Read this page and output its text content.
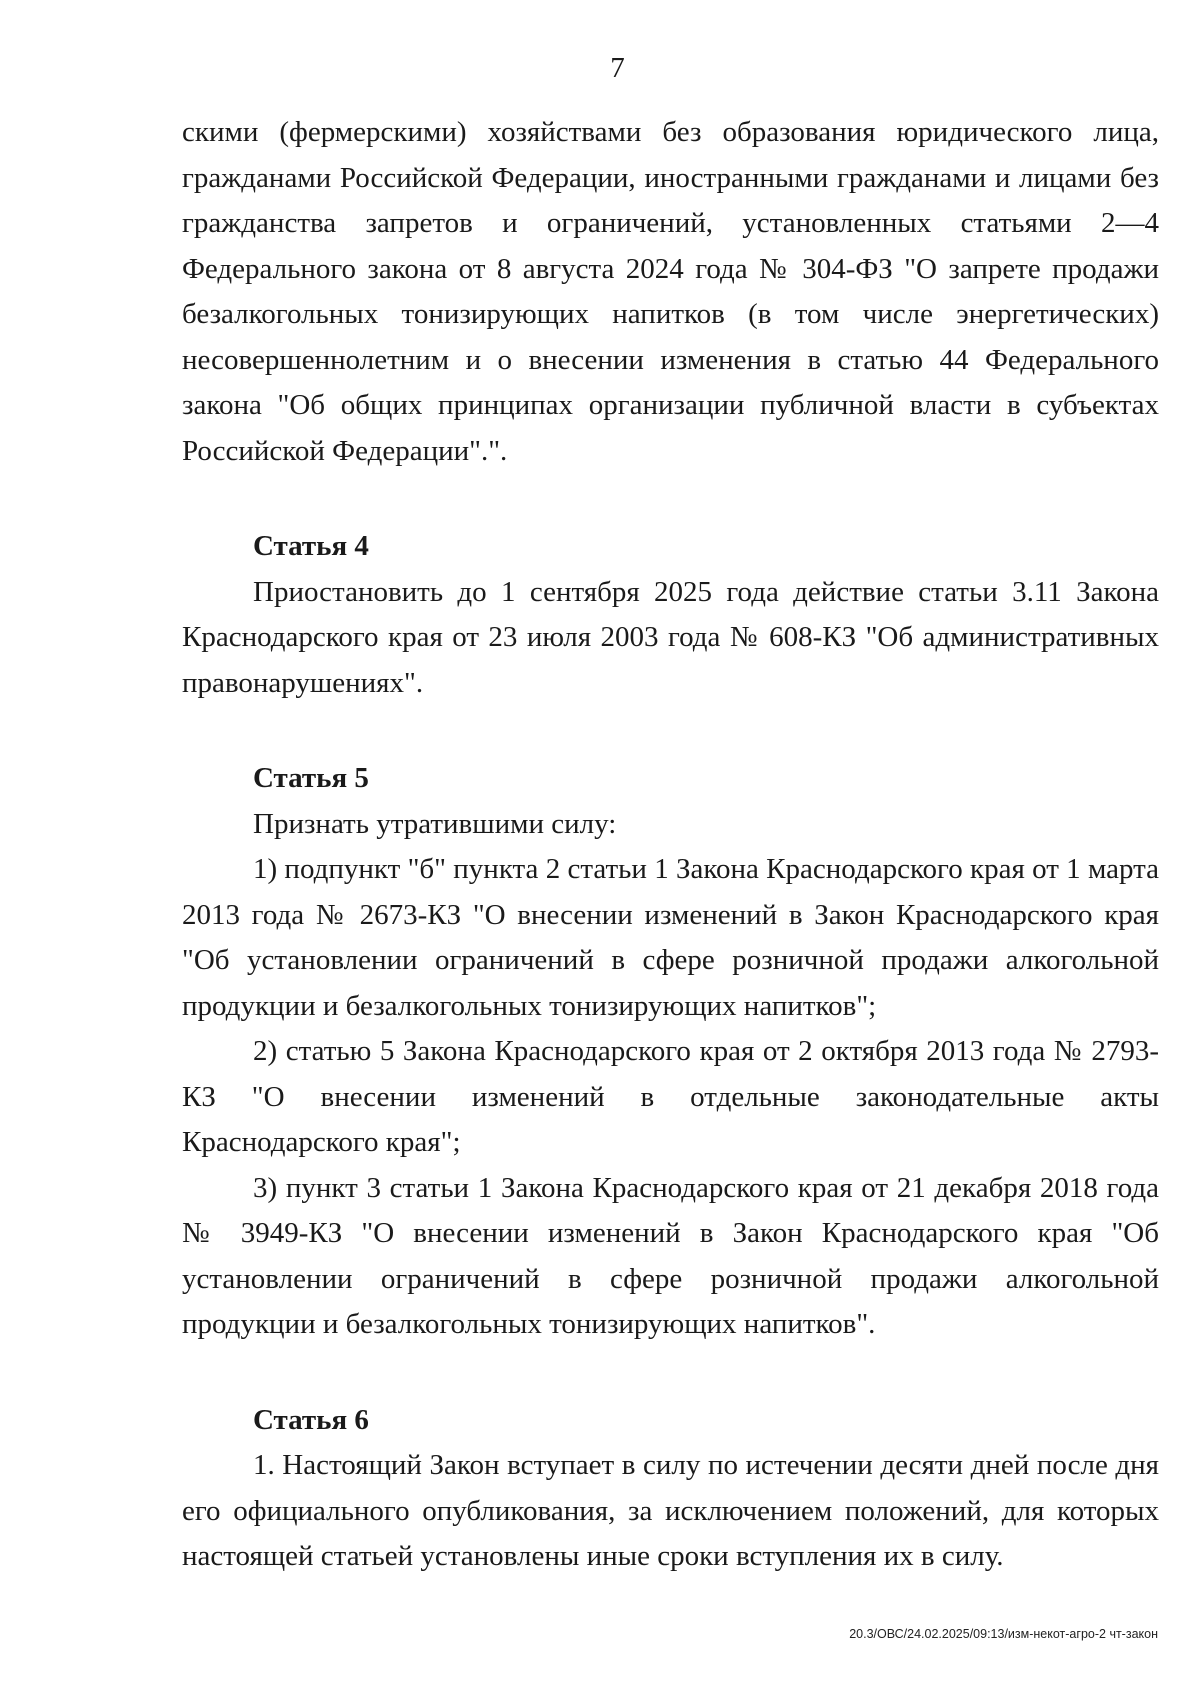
7

скими (фермерскими) хозяйствами без образования юридического лица, гражданами Российской Федерации, иностранными гражданами и лицами без гражданства запретов и ограничений, установленных статьями 2—4 Федерального закона от 8 августа 2024 года № 304-ФЗ "О запрете продажи безалкогольных тонизирующих напитков (в том числе энергетических) несовершеннолетним и о внесении изменения в статью 44 Федерального закона "Об общих принципах организации публичной власти в субъектах Российской Федерации".".

Статья 4

Приостановить до 1 сентября 2025 года действие статьи 3.11 Закона Краснодарского края от 23 июля 2003 года № 608-КЗ "Об административных правонарушениях".

Статья 5

Признать утратившими силу:

1) подпункт "б" пункта 2 статьи 1 Закона Краснодарского края от 1 марта 2013 года № 2673-КЗ "О внесении изменений в Закон Краснодарского края "Об установлении ограничений в сфере розничной продажи алкогольной продукции и безалкогольных тонизирующих напитков";

2) статью 5 Закона Краснодарского края от 2 октября 2013 года № 2793-КЗ "О внесении изменений в отдельные законодательные акты Краснодарского края";

3) пункт 3 статьи 1 Закона Краснодарского края от 21 декабря 2018 года № 3949-КЗ "О внесении изменений в Закон Краснодарского края "Об установлении ограничений в сфере розничной продажи алкогольной продукции и безалкогольных тонизирующих напитков".

Статья 6

1. Настоящий Закон вступает в силу по истечении десяти дней после дня его официального опубликования, за исключением положений, для которых настоящей статьей установлены иные сроки вступления их в силу.

20.3/ОВС/24.02.2025/09:13/изм-некот-агро-2 чт-закон
